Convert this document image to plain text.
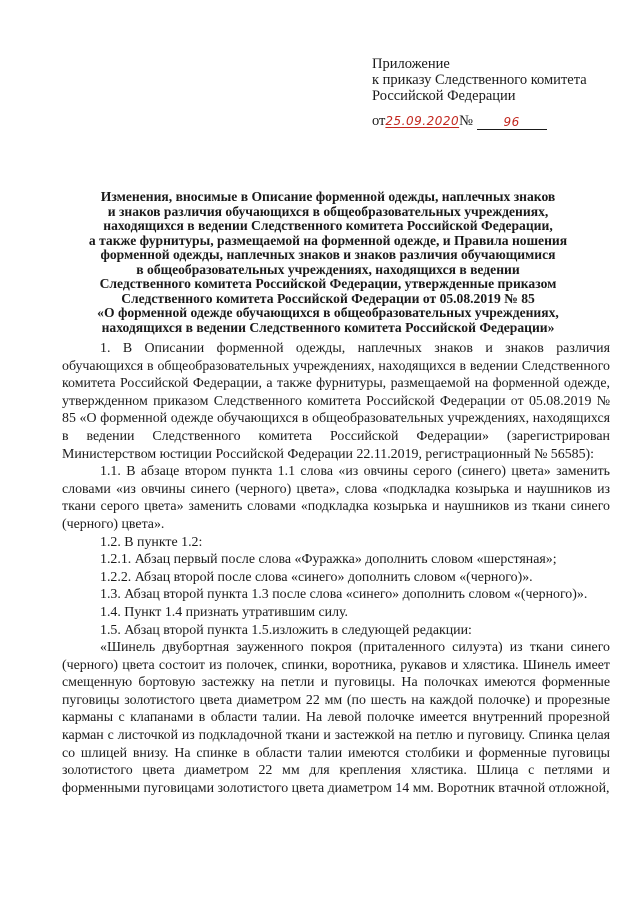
Приложение
к приказу Следственного комитета
Российской Федерации
от25.09.2020№	96
Изменения, вносимые в Описание форменной одежды, наплечных знаков
и знаков различия обучающихся в общеобразовательных учреждениях,
находящихся в ведении Следственного комитета Российской Федерации,
а также фурнитуры, размещаемой на форменной одежде, и Правила ношения
форменной одежды, наплечных знаков и знаков различия обучающимися
в общеобразовательных учреждениях, находящихся в ведении
Следственного комитета Российской Федерации, утвержденные приказом
Следственного комитета Российской Федерации от 05.08.2019 № 85
«О форменной одежде обучающихся в общеобразовательных учреждениях,
находящихся в ведении Следственного комитета Российской Федерации»

1. В Описании форменной одежды, наплечных знаков и знаков различия обучающихся в общеобразовательных учреждениях, находящихся в ведении Следственного комитета Российской Федерации, а также фурнитуры, размещаемой на форменной одежде, утвержденном приказом Следственного комитета Российской Федерации от 05.08.2019 № 85 «О форменной одежде обучающихся в общеобразовательных учреждениях, находящихся в ведении Следственного комитета Российской Федерации» (зарегистрирован Министерством юстиции Российской Федерации 22.11.2019, регистрационный № 56585):

1.1. В абзаце втором пункта 1.1 слова «из овчины серого (синего) цвета» заменить словами «из овчины синего (черного) цвета», слова «подкладка козырька и наушников из ткани серого цвета» заменить словами «подкладка козырька и наушников из ткани синего (черного) цвета».

1.2. В пункте 1.2:

1.2.1. Абзац первый после слова «Фуражка» дополнить словом «шерстяная»;

1.2.2. Абзац второй после слова «синего» дополнить словом «(черного)».

1.3. Абзац второй пункта 1.3 после слова «синего» дополнить словом «(черного)».

1.4. Пункт 1.4 признать утратившим силу.

1.5. Абзац второй пункта 1.5.изложить в следующей редакции:

«Шинель двубортная зауженного покроя (приталенного силуэта) из ткани синего (черного) цвета состоит из полочек, спинки, воротника, рукавов и хлястика. Шинель имеет смещенную бортовую застежку на петли и пуговицы. На полочках имеются форменные пуговицы золотистого цвета диаметром 22 мм (по шесть на каждой полочке) и прорезные карманы с клапанами в области талии. На левой полочке имеется внутренний прорезной карман с листочкой из подкладочной ткани и застежкой на петлю и пуговицу. Спинка целая со шлицей внизу. На спинке в области талии имеются столбики и форменные пуговицы золотистого цвета диаметром 22 мм для крепления хлястика. Шлица с петлями и форменными пуговицами золотистого цвета диаметром 14 мм. Воротник втачной отложной,
